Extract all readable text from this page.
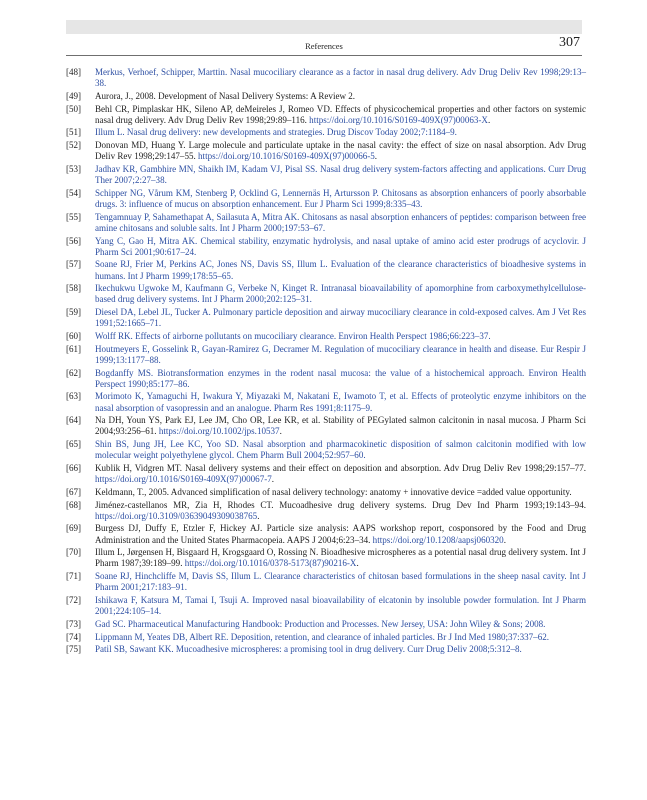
References	307
[48] Merkus, Verhoef, Schipper, Marttin. Nasal mucociliary clearance as a factor in nasal drug delivery. Adv Drug Deliv Rev 1998;29:13–38.
[49] Aurora, J., 2008. Development of Nasal Delivery Systems: A Review 2.
[50] Behl CR, Pimplaskar HK, Sileno AP, deMeireles J, Romeo VD. Effects of physicochemical properties and other factors on systemic nasal drug delivery. Adv Drug Deliv Rev 1998;29:89–116. https://doi.org/10.1016/S0169-409X(97)00063-X.
[51] Illum L. Nasal drug delivery: new developments and strategies. Drug Discov Today 2002;7:1184–9.
[52] Donovan MD, Huang Y. Large molecule and particulate uptake in the nasal cavity: the effect of size on nasal absorption. Adv Drug Deliv Rev 1998;29:147–55. https://doi.org/10.1016/S0169-409X(97)00066-5.
[53] Jadhav KR, Gambhire MN, Shaikh IM, Kadam VJ, Pisal SS. Nasal drug delivery system-factors affecting and applications. Curr Drug Ther 2007;2:27–38.
[54] Schipper NG, Vårum KM, Stenberg P, Ocklind G, Lennernäs H, Artursson P. Chitosans as absorption enhancers of poorly absorbable drugs. 3: influence of mucus on absorption enhancement. Eur J Pharm Sci 1999;8:335–43.
[55] Tengamnuay P, Sahamethapat A, Sailasuta A, Mitra AK. Chitosans as nasal absorption enhancers of peptides: comparison between free amine chitosans and soluble salts. Int J Pharm 2000;197:53–67.
[56] Yang C, Gao H, Mitra AK. Chemical stability, enzymatic hydrolysis, and nasal uptake of amino acid ester prodrugs of acyclovir. J Pharm Sci 2001;90:617–24.
[57] Soane RJ, Frier M, Perkins AC, Jones NS, Davis SS, Illum L. Evaluation of the clearance characteristics of bioadhesive systems in humans. Int J Pharm 1999;178:55–65.
[58] Ikechukwu Ugwoke M, Kaufmann G, Verbeke N, Kinget R. Intranasal bioavailability of apomorphine from carboxymethylcellulose-based drug delivery systems. Int J Pharm 2000;202:125–31.
[59] Diesel DA, Lebel JL, Tucker A. Pulmonary particle deposition and airway mucociliary clearance in cold-exposed calves. Am J Vet Res 1991;52:1665–71.
[60] Wolff RK. Effects of airborne pollutants on mucociliary clearance. Environ Health Perspect 1986;66:223–37.
[61] Houtmeyers E, Gosselink R, Gayan-Ramirez G, Decramer M. Regulation of mucociliary clearance in health and disease. Eur Respir J 1999;13:1177–88.
[62] Bogdanffy MS. Biotransformation enzymes in the rodent nasal mucosa: the value of a histochemical approach. Environ Health Perspect 1990;85:177–86.
[63] Morimoto K, Yamaguchi H, Iwakura Y, Miyazaki M, Nakatani E, Iwamoto T, et al. Effects of proteolytic enzyme inhibitors on the nasal absorption of vasopressin and an analogue. Pharm Res 1991;8:1175–9.
[64] Na DH, Youn YS, Park EJ, Lee JM, Cho OR, Lee KR, et al. Stability of PEGylated salmon calcitonin in nasal mucosa. J Pharm Sci 2004;93:256–61. https://doi.org/10.1002/jps.10537.
[65] Shin BS, Jung JH, Lee KC, Yoo SD. Nasal absorption and pharmacokinetic disposition of salmon calcitonin modified with low molecular weight polyethylene glycol. Chem Pharm Bull 2004;52:957–60.
[66] Kublik H, Vidgren MT. Nasal delivery systems and their effect on deposition and absorption. Adv Drug Deliv Rev 1998;29:157–77. https://doi.org/10.1016/S0169-409X(97)00067-7.
[67] Keldmann, T., 2005. Advanced simplification of nasal delivery technology: anatomy + innovative device =added value opportunity.
[68] Jiménez-castellanos MR, Zia H, Rhodes CT. Mucoadhesive drug delivery systems. Drug Dev Ind Pharm 1993;19:143–94. https://doi.org/10.3109/03639049309038765.
[69] Burgess DJ, Duffy E, Etzler F, Hickey AJ. Particle size analysis: AAPS workshop report, cosponsored by the Food and Drug Administration and the United States Pharmacopeia. AAPS J 2004;6:23–34. https://doi.org/10.1208/aapsj060320.
[70] Illum L, Jørgensen H, Bisgaard H, Krogsgaard O, Rossing N. Bioadhesive microspheres as a potential nasal drug delivery system. Int J Pharm 1987;39:189–99. https://doi.org/10.1016/0378-5173(87)90216-X.
[71] Soane RJ, Hinchcliffe M, Davis SS, Illum L. Clearance characteristics of chitosan based formulations in the sheep nasal cavity. Int J Pharm 2001;217:183–91.
[72] Ishikawa F, Katsura M, Tamai I, Tsuji A. Improved nasal bioavailability of elcatonin by insoluble powder formulation. Int J Pharm 2001;224:105–14.
[73] Gad SC. Pharmaceutical Manufacturing Handbook: Production and Processes. New Jersey, USA: John Wiley & Sons; 2008.
[74] Lippmann M, Yeates DB, Albert RE. Deposition, retention, and clearance of inhaled particles. Br J Ind Med 1980;37:337–62.
[75] Patil SB, Sawant KK. Mucoadhesive microspheres: a promising tool in drug delivery. Curr Drug Deliv 2008;5:312–8.
